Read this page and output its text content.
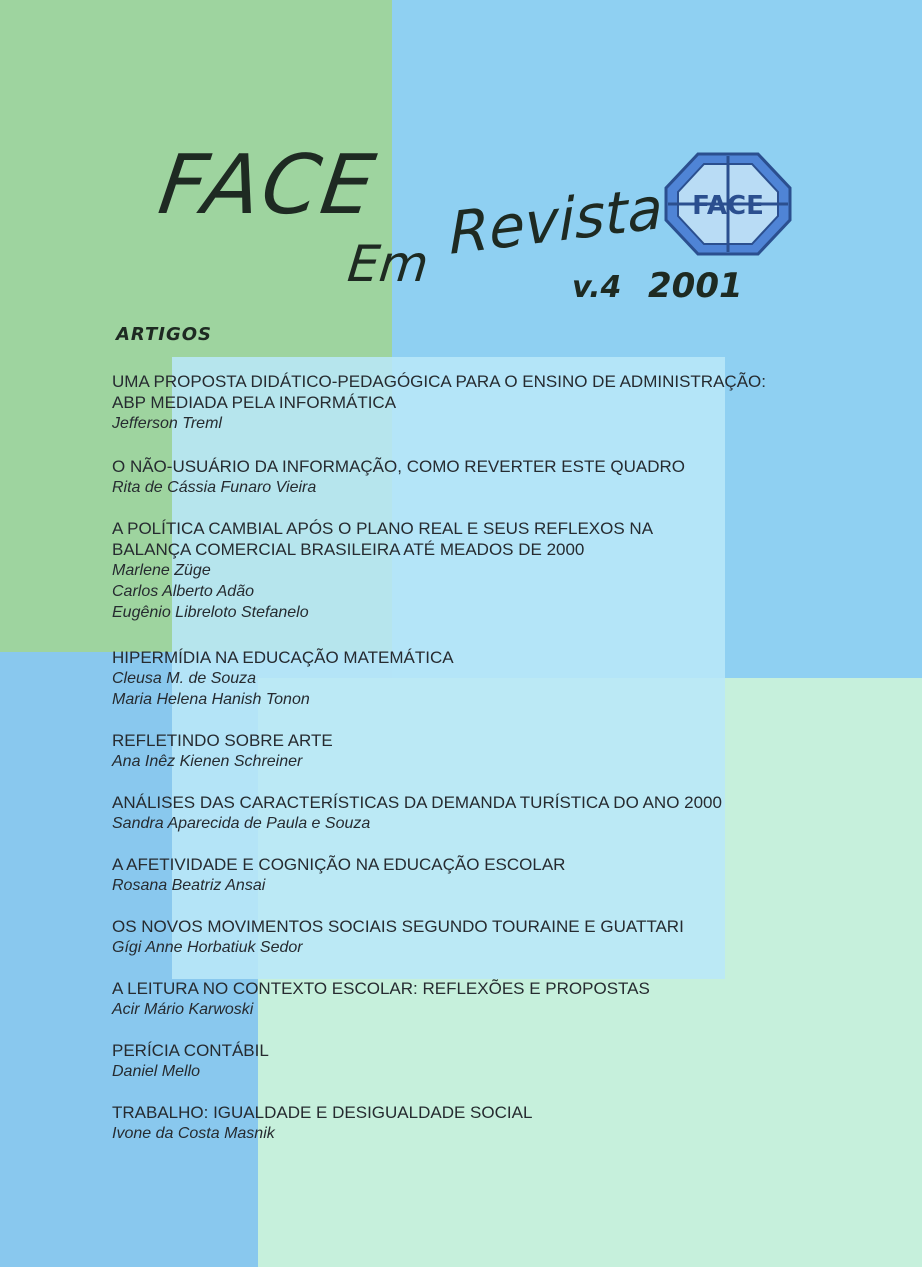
FACE
Em Revista
v.4 2001
FACE
ARTIGOS
UMA PROPOSTA DIDÁTICO-PEDAGÓGICA PARA O ENSINO DE ADMINISTRAÇÃO:
ABP MEDIADA PELA INFORMÁTICA
Jefferson Treml
O NÃO-USUÁRIO DA INFORMAÇÃO, COMO REVERTER ESTE QUADRO
Rita de Cássia Funaro Vieira
A POLÍTICA CAMBIAL APÓS O PLANO REAL E SEUS REFLEXOS NA
BALANÇA COMERCIAL BRASILEIRA ATÉ MEADOS DE 2000
Marlene Züge
Carlos Alberto Adão
Eugênio Libreloto Stefanelo
HIPERMÍDIA NA EDUCAÇÃO MATEMÁTICA
Cleusa M. de Souza
Maria Helena Hanish Tonon
REFLETINDO SOBRE ARTE
Ana Inêz Kienen Schreiner
ANÁLISES DAS CARACTERÍSTICAS DA DEMANDA TURÍSTICA DO ANO 2000
Sandra Aparecida de Paula e Souza
A AFETIVIDADE E COGNIÇÃO NA EDUCAÇÃO ESCOLAR
Rosana Beatriz Ansai
OS NOVOS MOVIMENTOS SOCIAIS SEGUNDO TOURAINE E GUATTARI
Gígi Anne Horbatiuk Sedor
A LEITURA NO CONTEXTO ESCOLAR: REFLEXÕES E PROPOSTAS
Acir Mário Karwoski
PERÍCIA CONTÁBIL
Daniel Mello
TRABALHO: IGUALDADE E DESIGUALDADE SOCIAL
Ivone da Costa Masnik
